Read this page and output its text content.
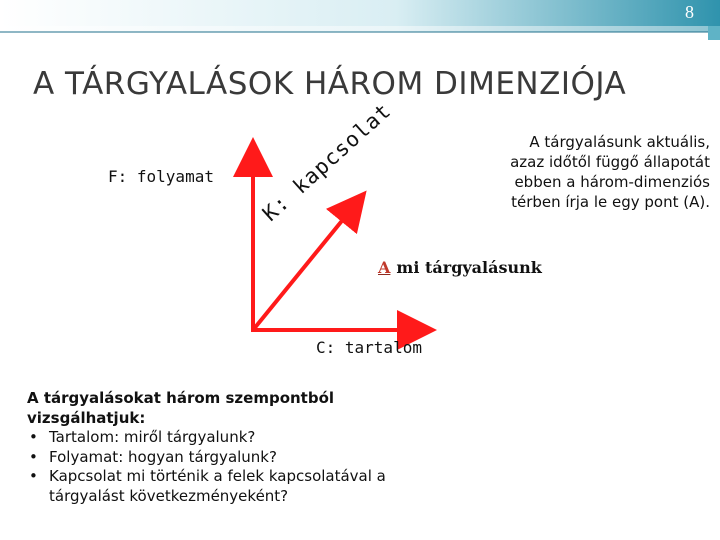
8
A TÁRGYALÁSOK HÁROM DIMENZIÓJA
F: folyamat
C: tartalom
K: kapcsolat	A tárgyalásunk aktuális,
azaz időtől függő állapotát
ebben a három-dimenziós
térben írja le egy pont (A).
A mi tárgyalásunk
A tárgyalásokat három szempontból
vizsgálhatjuk:
• Tartalom: miről tárgyalunk?
• Folyamat: hogyan tárgyalunk?
• Kapcsolat mi történik a felek kapcsolatával a tárgyalást következményeként?
